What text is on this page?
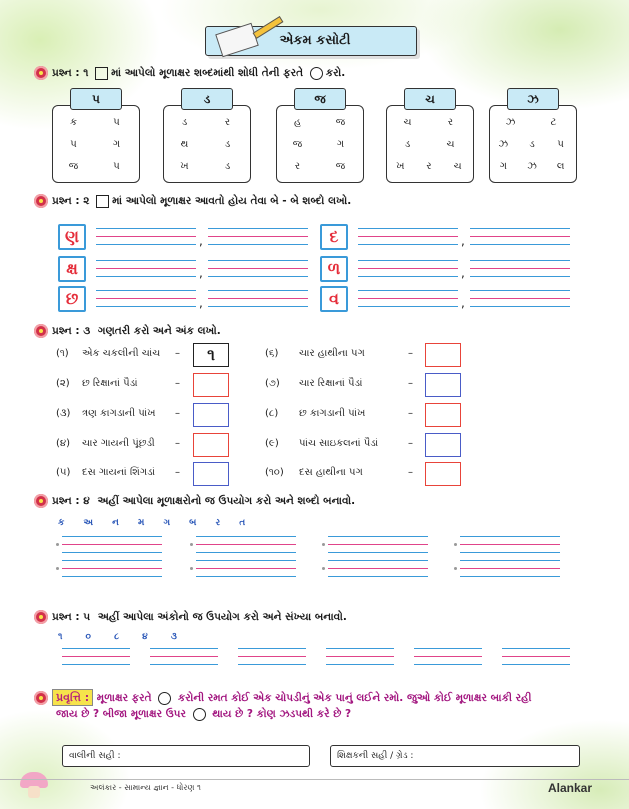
એકમ કસોટી
પ્રશ્ન : ૧ માં આપેલો મૂળાક્ષર શબ્દમાંથી શોધી તેની ફરતે કરો.
પ્રશ્ન : ૨ માં આપેલો મૂળાક્ષર આવતો હોય તેવા બે - બે શબ્દો લખો.
પ્રશ્ન : ૩ ગણતરી કરો અને અંક લખો.
પ્રશ્ન : ૪ અહીં આપેલા મૂળાક્ષરોનો જ ઉપયોગ કરો અને શબ્દો બનાવો.
ક અ ન મ ગ બ ર ત
પ્રશ્ન : ૫ અહીં આપેલા અંકોનો જ ઉપયોગ કરો અને સંખ્યા બનાવો.
૧ ૦ ૮ ૪ ૩
પ્રવૃત્તિ : મૂળાક્ષર ફરતે	કરોની રમત કોઈ એક ચોપડીનું એક પાનું લઈને રમો. જુઓ કોઈ મૂળાક્ષર બાકી રહી
જાય છે ? બીજા મૂળાક્ષર ઉપર	થાય છે ? કોણ ઝડપથી કરે છે ?
વાલીની સહી :	શિક્ષકની સહી / ગ્રેડ :
અલંકાર - સામાન્ય જ્ઞાન - ધોરણ ૧	Alankar
પ
ક	પ
પ	ગ
જ	પ
ડ
ડ	ર
થ	ડ
ખ	ડ
જ
હ	જ
જ	ગ
ર	જ
ચ
ચ	ર
ડ	ચ
ખ	ર	ચ
ઝ
ઝ	ટ
ઝ	ડ	પ
ગ	ઝ	લ
ણ	,
ક્ષ	,
છ	,
દ	,
ળ	,
વ	,
(૧) એક ચકલીની ચાંચ –	૧
(૨) છ રિક્ષાનાં પૈડાં	–
(૩) ત્રણ કાગડાની પાંખ –
(૪) ચાર ગાયની પૂંછડી –
(૫) દસ ગાયનાં શિંગડાં –
(૬) ચાર હાથીના પગ	–
(૭) ચાર રિક્ષાનાં પૈડાં	–
(૮) છ કાગડાની પાંખ	–
(૯) પાંચ સાઇકલનાં પૈડાં	–
(૧૦) દસ હાથીના પગ	–
